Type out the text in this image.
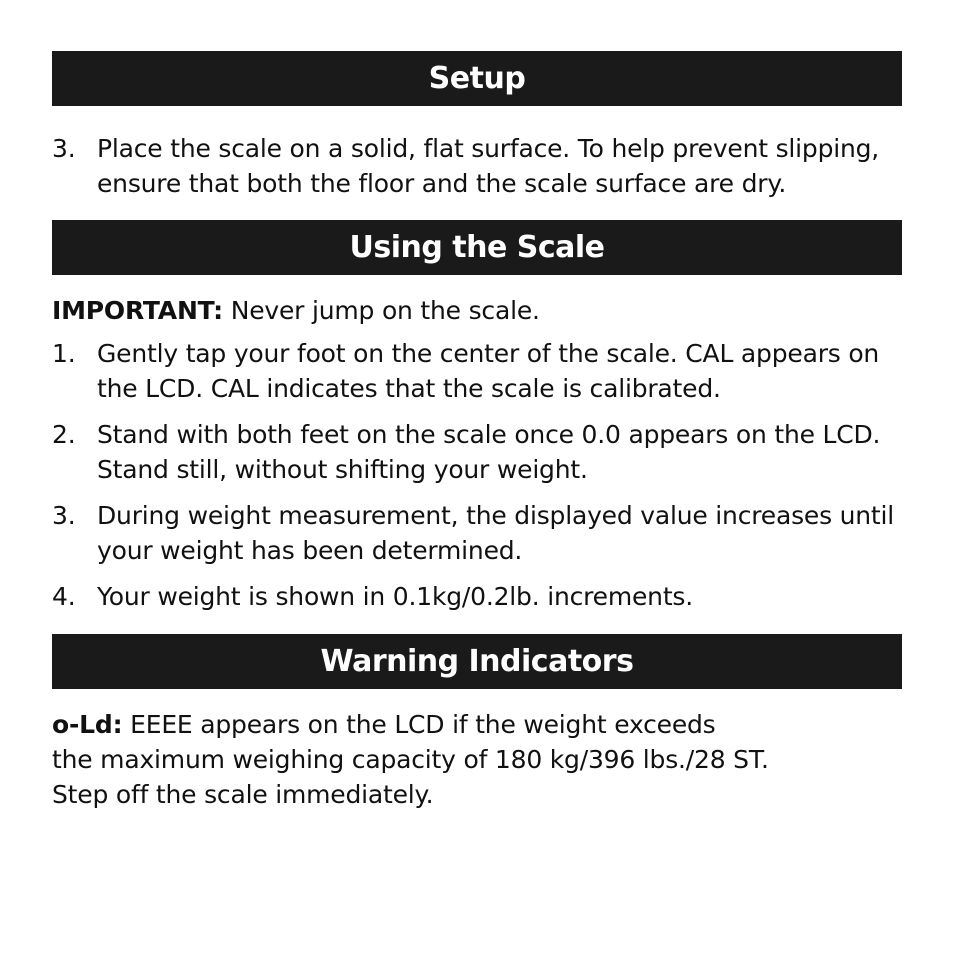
Setup
3. Place the scale on a solid, flat surface. To help prevent slipping, ensure that both the floor and the scale surface are dry.
Using the Scale

IMPORTANT: Never jump on the scale.

1. Gently tap your foot on the center of the scale. CAL appears on the LCD. CAL indicates that the scale is calibrated.
2. Stand with both feet on the scale once 0.0 appears on the LCD. Stand still, without shifting your weight.
3. During weight measurement, the displayed value increases until your weight has been determined.
4. Your weight is shown in 0.1kg/0.2lb. increments.
Warning Indicators

o-Ld: EEEE appears on the LCD if the weight exceeds
the maximum weighing capacity of 180 kg/396 lbs./28 ST.
Step off the scale immediately.
